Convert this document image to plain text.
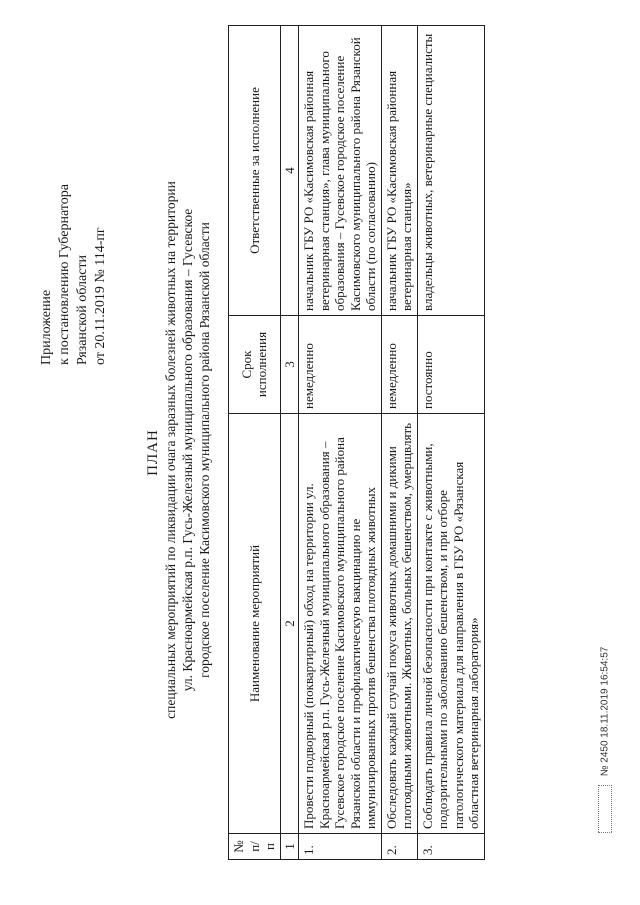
Приложение к постановлению Губернатора Рязанской области от 20.11.2019 № 114-пг
ПЛАН специальных мероприятий по ликвидации очага заразных болезней животных на территории ул. Красноармейская р.п. Гусь-Железный муниципального образования – Гусевское городское поселение Касимовского муниципального района Рязанской области
№ п/п	Наименование мероприятий	Срок исполнения	Ответственные за исполнение
1	2	3	4
1.	Провести подворный (поквартирный) обход на территории ул. Красноармейская р.п. Гусь-Железный муниципального образования – Гусевское городское поселение Касимовского муниципального района Рязанской области и профилактическую вакцинацию не иммунизированных против бешенства плотоядных животных	немедленно	начальник ГБУ РО «Касимовская районная ветеринарная станция», глава муниципального образования – Гусевское городское поселение Касимовского муниципального района Рязанской области (по согласованию)
2.	Обследовать каждый случай покуса животных домашними и дикими плотоядными животными. Животных, больных бешенством, умерщвлять	немедленно	начальник ГБУ РО «Касимовская районная ветеринарная станция»
3.	Соблюдать правила личной безопасности при контакте с животными, подозрительными по заболеванию бешенством, и при отборе патологического материала для направления в ГБУ РО «Рязанская областная ветеринарная лаборатория»	постоянно	владельцы животных, ветеринарные специалисты
№ 2450 18.11.2019 16:54:57
